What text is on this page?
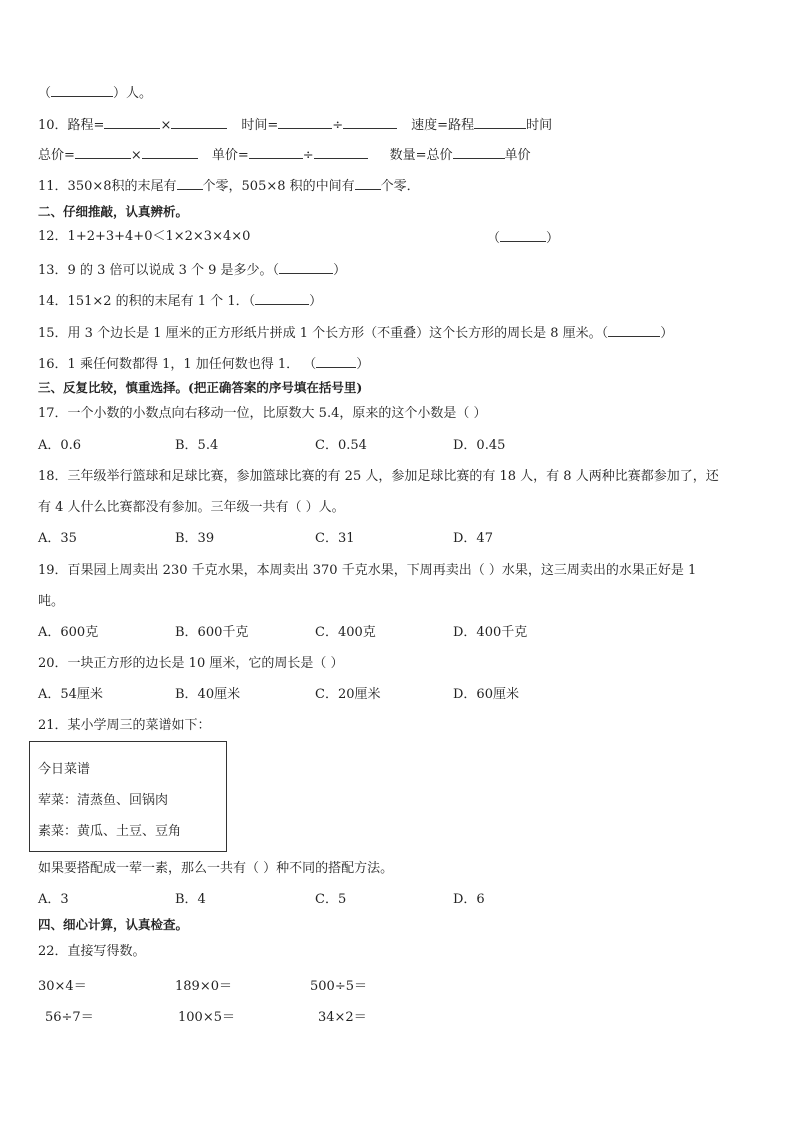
（	）人。
10．路程=	×	时间=	÷	速度=路程	时间
总价=	×	单价=	÷	数量=总价	单价
11．350×8积的末尾有 个零，505×8 积的中间有 个零．
二、仔细推敲，认真辨析。
12．1+2+3+4+0＜1×2×3×4×0	（	）
13．9 的 3 倍可以说成 3 个 9 是多少。（	）
14．151×2 的积的末尾有 1 个 1．（	）
15．用 3 个边长是 1 厘米的正方形纸片拼成 1 个长方形（不重叠）这个长方形的周长是 8 厘米。（	）
16．1 乘任何数都得 1，1 加任何数也得 1． （	）
三、反复比较，慎重选择。(把正确答案的序号填在括号里)
17．一个小数的小数点向右移动一位，比原数大 5.4，原来的这个小数是（ ）
A．0.6	B．5.4	C．0.54	D．0.45
18．三年级举行篮球和足球比赛，参加篮球比赛的有 25 人，参加足球比赛的有 18 人，有 8 人两种比赛都参加了，还
有 4 人什么比赛都没有参加。三年级一共有（ ）人。
A．35	B．39	C．31	D．47
19．百果园上周卖出 230 千克水果，本周卖出 370 千克水果，下周再卖出（ ）水果，这三周卖出的水果正好是 1
吨。
A．600克	B．600千克	C．400克	D．400千克
20．一块正方形的边长是 10 厘米，它的周长是（ ）
A．54厘米	B．40厘米	C．20厘米	D．60厘米
21．某小学周三的菜谱如下：
今日菜谱
荤菜：清蒸鱼、回锅肉
素菜：黄瓜、土豆、豆角
如果要搭配成一荤一素，那么一共有（ ）种不同的搭配方法。
A．3	B．4	C．5	D．6
四、细心计算，认真检查。
22．直接写得数。
30×4＝	189×0＝	500÷5＝
56÷7＝	100×5＝	34×2＝
